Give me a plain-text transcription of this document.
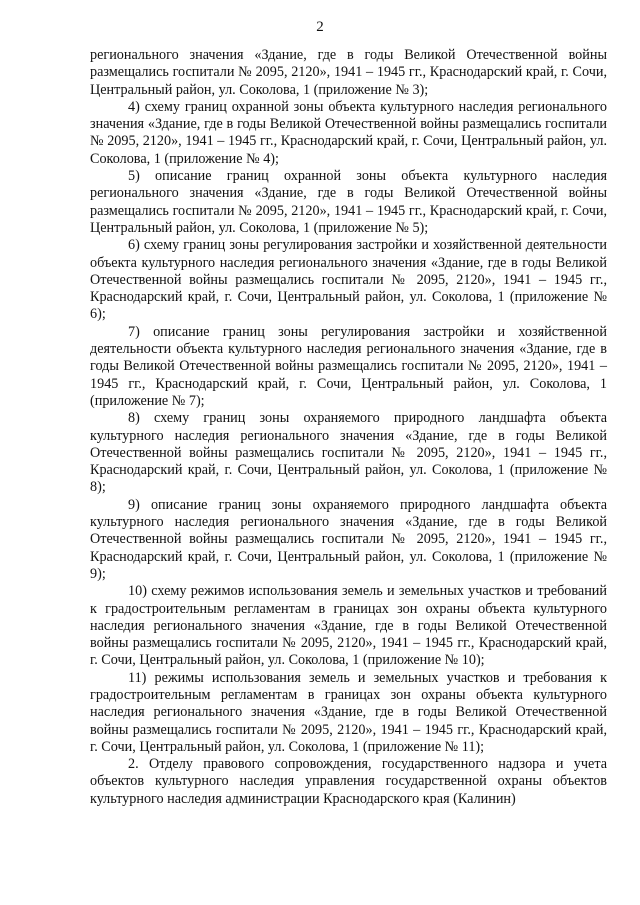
2

регионального значения «Здание, где в годы Великой Отечественной войны размещались госпитали № 2095, 2120», 1941 – 1945 гг., Краснодарский край, г. Сочи, Центральный район, ул. Соколова, 1 (приложение № 3);

4) схему границ охранной зоны объекта культурного наследия регионального значения «Здание, где в годы Великой Отечественной войны размещались госпитали № 2095, 2120», 1941 – 1945 гг., Краснодарский край, г. Сочи, Центральный район, ул. Соколова, 1 (приложение № 4);

5) описание границ охранной зоны объекта культурного наследия регионального значения «Здание, где в годы Великой Отечественной войны размещались госпитали № 2095, 2120», 1941 – 1945 гг., Краснодарский край, г. Сочи, Центральный район, ул. Соколова, 1 (приложение № 5);

6) схему границ зоны регулирования застройки и хозяйственной деятельности объекта культурного наследия регионального значения «Здание, где в годы Великой Отечественной войны размещались госпитали № 2095, 2120», 1941 – 1945 гг., Краснодарский край, г. Сочи, Центральный район, ул. Соколова, 1 (приложение № 6);

7) описание границ зоны регулирования застройки и хозяйственной деятельности объекта культурного наследия регионального значения «Здание, где в годы Великой Отечественной войны размещались госпитали № 2095, 2120», 1941 – 1945 гг., Краснодарский край, г. Сочи, Центральный район, ул. Соколова, 1 (приложение № 7);

8) схему границ зоны охраняемого природного ландшафта объекта культурного наследия регионального значения «Здание, где в годы Великой Отечественной войны размещались госпитали № 2095, 2120», 1941 – 1945 гг., Краснодарский край, г. Сочи, Центральный район, ул. Соколова, 1 (приложение № 8);

9) описание границ зоны охраняемого природного ландшафта объекта культурного наследия регионального значения «Здание, где в годы Великой Отечественной войны размещались госпитали № 2095, 2120», 1941 – 1945 гг., Краснодарский край, г. Сочи, Центральный район, ул. Соколова, 1 (приложение № 9);

10) схему режимов использования земель и земельных участков и требований к градостроительным регламентам в границах зон охраны объекта культурного наследия регионального значения «Здание, где в годы Великой Отечественной войны размещались госпитали № 2095, 2120», 1941 – 1945 гг., Краснодарский край, г. Сочи, Центральный район, ул. Соколова, 1 (приложение № 10);

11) режимы использования земель и земельных участков и требования к градостроительным регламентам в границах зон охраны объекта культурного наследия регионального значения «Здание, где в годы Великой Отечественной войны размещались госпитали № 2095, 2120», 1941 – 1945 гг., Краснодарский край, г. Сочи, Центральный район, ул. Соколова, 1 (приложение № 11);

2. Отделу правового сопровождения, государственного надзора и учета объектов культурного наследия управления государственной охраны объектов культурного наследия администрации Краснодарского края (Калинин)
